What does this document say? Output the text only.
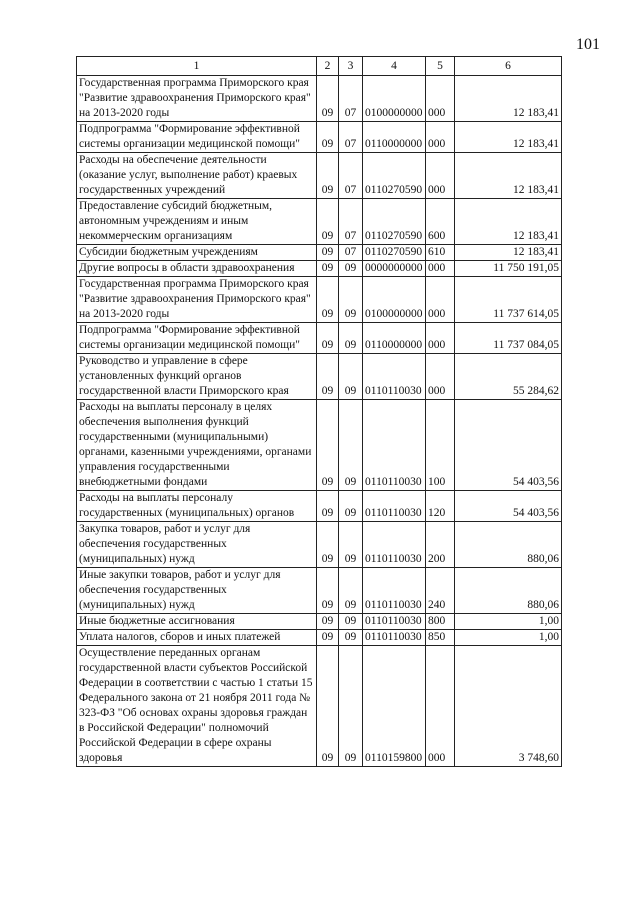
101
1	2	3	4	5	6
Государственная программа Приморского края "Развитие здравоохранения Приморского края" на 2013-2020 годы	09	07	0100000000	000	12 183,41
Подпрограмма "Формирование эффективной системы организации медицинской помощи"	09	07	0110000000	000	12 183,41
Расходы на обеспечение деятельности (оказание услуг, выполнение работ) краевых государственных учреждений	09	07	0110270590	000	12 183,41
Предоставление субсидий бюджетным, автономным учреждениям и иным некоммерческим организациям	09	07	0110270590	600	12 183,41
Субсидии бюджетным учреждениям	09	07	0110270590	610	12 183,41
Другие вопросы в области здравоохранения	09	09	0000000000	000	11 750 191,05
Государственная программа Приморского края "Развитие здравоохранения Приморского края" на 2013-2020 годы	09	09	0100000000	000	11 737 614,05
Подпрограмма "Формирование эффективной системы организации медицинской помощи"	09	09	0110000000	000	11 737 084,05
Руководство и управление в сфере установленных функций органов государственной власти Приморского края	09	09	0110110030	000	55 284,62
Расходы на выплаты персоналу в целях обеспечения выполнения функций государственными (муниципальными) органами, казенными учреждениями, органами управления государственными внебюджетными фондами	09	09	0110110030	100	54 403,56
Расходы на выплаты персоналу государственных (муниципальных) органов	09	09	0110110030	120	54 403,56
Закупка товаров, работ и услуг для обеспечения государственных (муниципальных) нужд	09	09	0110110030	200	880,06
Иные закупки товаров, работ и услуг для обеспечения государственных (муниципальных) нужд	09	09	0110110030	240	880,06
Иные бюджетные ассигнования	09	09	0110110030	800	1,00
Уплата налогов, сборов и иных платежей	09	09	0110110030	850	1,00
Осуществление переданных органам государственной власти субъектов Российской Федерации в соответствии с частью 1 статьи 15 Федерального закона от 21 ноября 2011 года № 323-ФЗ "Об основах охраны здоровья граждан в Российской Федерации" полномочий Российской Федерации в сфере охраны здоровья	09	09	0110159800	000	3 748,60
